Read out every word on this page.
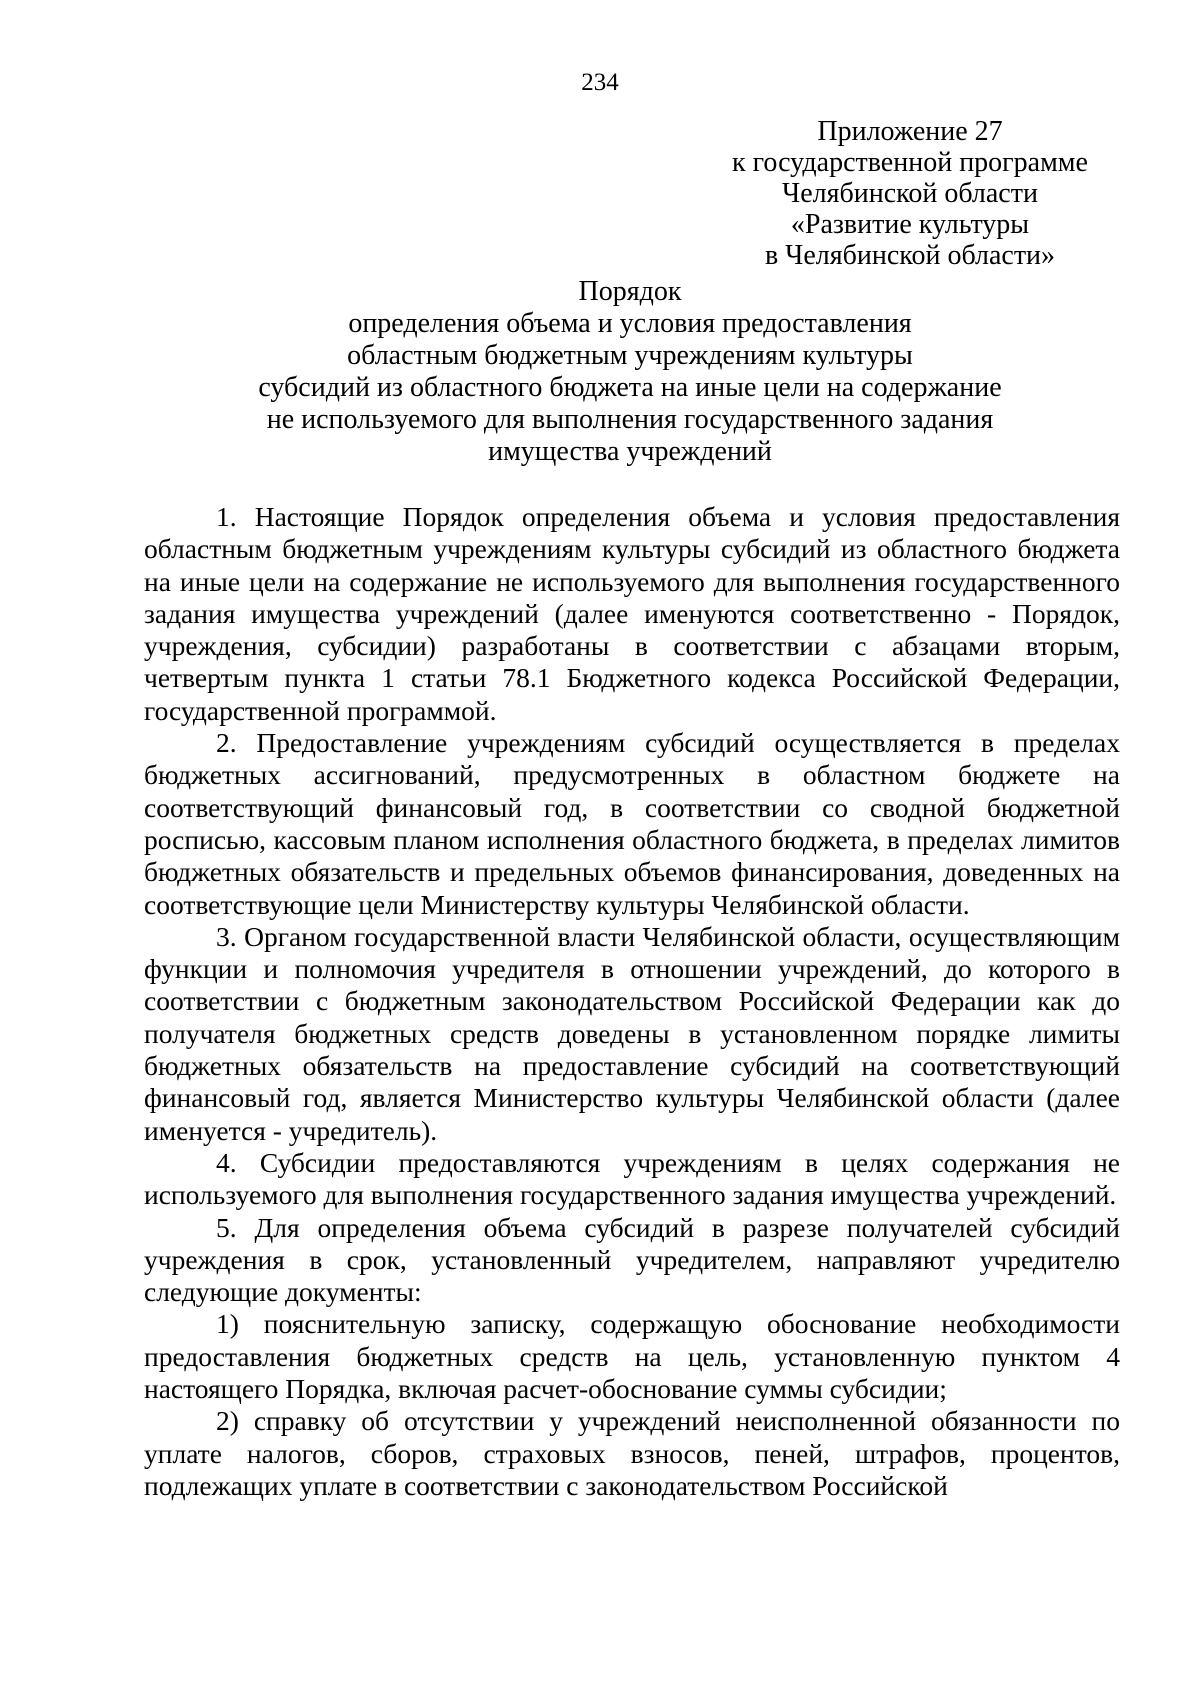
234
Приложение 27
к государственной программе
Челябинской области
«Развитие культуры
в Челябинской области»
Порядок
определения объема и условия предоставления
областным бюджетным учреждениям культуры
субсидий из областного бюджета на иные цели на содержание
не используемого для выполнения государственного задания
имущества учреждений

1. Настоящие Порядок определения объема и условия предоставления областным бюджетным учреждениям культуры субсидий из областного бюджета на иные цели на содержание не используемого для выполнения государственного задания имущества учреждений (далее именуются соответственно - Порядок, учреждения, субсидии) разработаны в соответствии с абзацами вторым, четвертым пункта 1 статьи 78.1 Бюджетного кодекса Российской Федерации, государственной программой.

2. Предоставление учреждениям субсидий осуществляется в пределах бюджетных ассигнований, предусмотренных в областном бюджете на соответствующий финансовый год, в соответствии со сводной бюджетной росписью, кассовым планом исполнения областного бюджета, в пределах лимитов бюджетных обязательств и предельных объемов финансирования, доведенных на соответствующие цели Министерству культуры Челябинской области.

3. Органом государственной власти Челябинской области, осуществляющим функции и полномочия учредителя в отношении учреждений, до которого в соответствии с бюджетным законодательством Российской Федерации как до получателя бюджетных средств доведены в установленном порядке лимиты бюджетных обязательств на предоставление субсидий на соответствующий финансовый год, является Министерство культуры Челябинской области (далее именуется - учредитель).

4. Субсидии предоставляются учреждениям в целях содержания не используемого для выполнения государственного задания имущества учреждений.

5. Для определения объема субсидий в разрезе получателей субсидий учреждения в срок, установленный учредителем, направляют учредителю следующие документы:

1) пояснительную записку, содержащую обоснование необходимости предоставления бюджетных средств на цель, установленную пунктом 4 настоящего Порядка, включая расчет-обоснование суммы субсидии;

2) справку об отсутствии у учреждений неисполненной обязанности по уплате налогов, сборов, страховых взносов, пеней, штрафов, процентов, подлежащих уплате в соответствии с законодательством Российской
